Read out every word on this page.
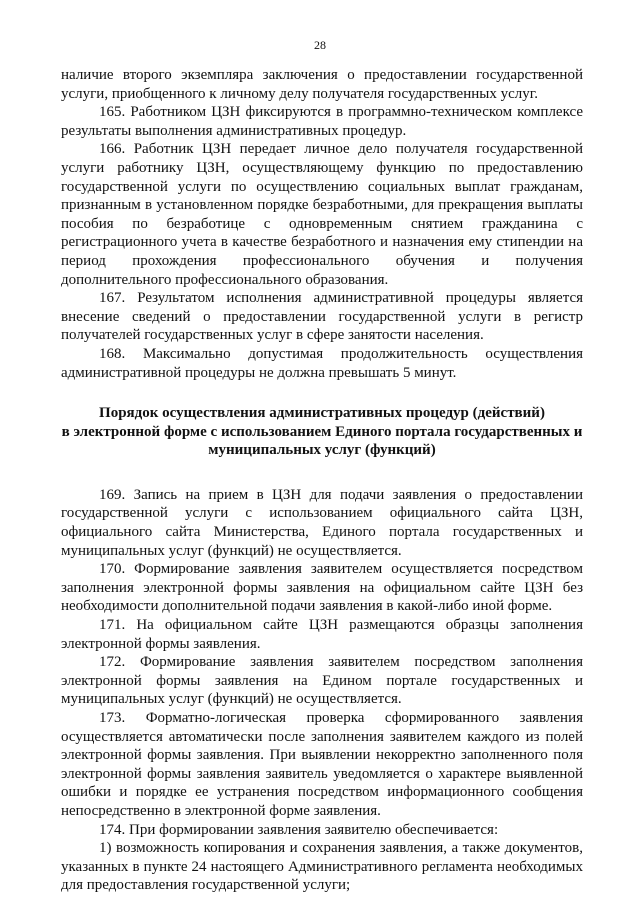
28

наличие второго экземпляра заключения о предоставлении государственной услуги, приобщенного к личному делу получателя государственных услуг.

165. Работником ЦЗН фиксируются в программно-техническом комплексе результаты выполнения административных процедур.

166. Работник ЦЗН передает личное дело получателя государственной услуги работнику ЦЗН, осуществляющему функцию по предоставлению государственной услуги по осуществлению социальных выплат гражданам, признанным в установленном порядке безработными, для прекращения выплаты пособия по безработице с одновременным снятием гражданина с регистрационного учета в качестве безработного и назначения ему стипендии на период прохождения профессионального обучения и получения дополнительного профессионального образования.

167. Результатом исполнения административной процедуры является внесение сведений о предоставлении государственной услуги в регистр получателей государственных услуг в сфере занятости населения.

168. Максимально допустимая продолжительность осуществления административной процедуры не должна превышать 5 минут.

Порядок осуществления административных процедур (действий)
в электронной форме с использованием Единого портала государственных и
муниципальных услуг (функций)

169. Запись на прием в ЦЗН для подачи заявления о предоставлении государственной услуги с использованием официального сайта ЦЗН, официального сайта Министерства, Единого портала государственных и муниципальных услуг (функций) не осуществляется.

170. Формирование заявления заявителем осуществляется посредством заполнения электронной формы заявления на официальном сайте ЦЗН без необходимости дополнительной подачи заявления в какой-либо иной форме.

171. На официальном сайте ЦЗН размещаются образцы заполнения электронной формы заявления.

172. Формирование заявления заявителем посредством заполнения электронной формы заявления на Едином портале государственных и муниципальных услуг (функций) не осуществляется.

173. Форматно-логическая проверка сформированного заявления осуществляется автоматически после заполнения заявителем каждого из полей электронной формы заявления. При выявлении некорректно заполненного поля электронной формы заявления заявитель уведомляется о характере выявленной ошибки и порядке ее устранения посредством информационного сообщения непосредственно в электронной форме заявления.

174. При формировании заявления заявителю обеспечивается:

1) возможность копирования и сохранения заявления, а также документов, указанных в пункте 24 настоящего Административного регламента необходимых для предоставления государственной услуги;
